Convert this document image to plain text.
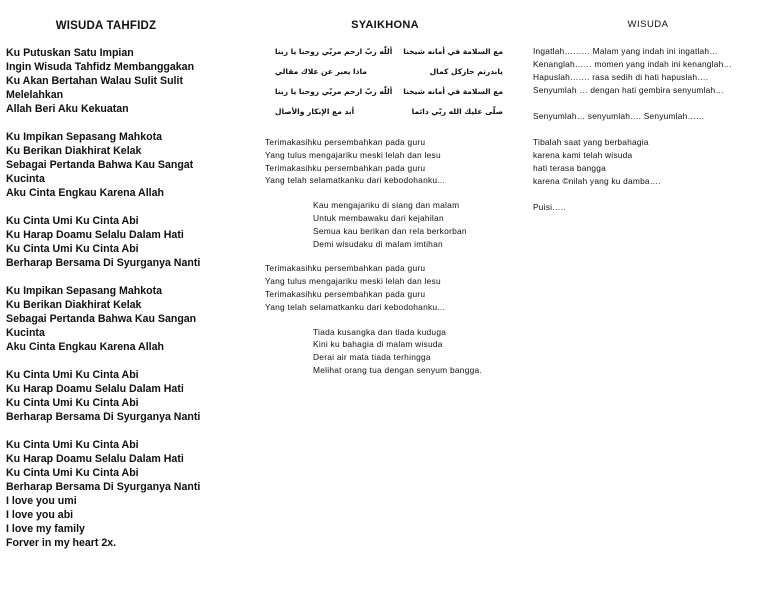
WISUDA TAHFIDZ
Ku Putuskan Satu Impian
Ingin Wisuda Tahfidz Membanggakan
Ku Akan Bertahan Walau Sulit Sulit
Melelahkan
Allah Beri Aku Kekuatan
Ku Impikan Sepasang Mahkota
Ku Berikan Diakhirat Kelak
Sebagai Pertanda Bahwa Kau Sangat
Kucinta
Aku Cinta Engkau Karena Allah
Ku Cinta Umi Ku Cinta Abi
Ku Harap Doamu Selalu Dalam Hati
Ku Cinta Umi Ku Cinta Abi
Berharap Bersama Di Syurganya Nanti
Ku Impikan Sepasang Mahkota
Ku Berikan Diakhirat Kelak
Sebagai Pertanda Bahwa Kau Sangan
Kucinta
Aku Cinta Engkau Karena Allah
Ku Cinta Umi Ku Cinta Abi
Ku Harap Doamu Selalu Dalam Hati
Ku Cinta Umi Ku Cinta Abi
Berharap Bersama Di Syurganya Nanti
Ku Cinta Umi Ku Cinta Abi
Ku Harap Doamu Selalu Dalam Hati
Ku Cinta Umi Ku Cinta Abi
Berharap Bersama Di Syurganya Nanti
I love you umi
I love you abi
I love my family
Forver in my heart 2x.
SYAIKHONA
مع السلامة في أمانه شيخنا
أللّٰه ربّ ارحم مربّي روحنا يا ربنا
يابدرتم حازكل كمال
ماذا يعبر عن علاك مقالي
مع السلامة في أمانه شيخنا
أللّٰه ربّ ارحم مربّي روحنا يا ربنا
صلّى عليك الله ربّي دائما
أبد مع الإبكار والأصال
Terimakasihku persembahkan pada guru
Yang tulus mengajariku meski lelah dan lesu
Terimakasihku persembahkan pada guru
Yang telah selamatkanku dari kebodohanku...
Kau mengajariku di siang dan malam
Untuk membawaku dari kejahilan
Semua kau berikan dan rela berkorban
Demi wisudaku di malam imtihan
Terimakasihku persembahkan pada guru
Yang tulus mengajariku meski lelah dan lesu
Terimakasihku persembahkan pada guru
Yang telah selamatkanku dari kebodohanku...
Tiada kusangka dan tiada kuduga
Kini ku bahagia di malam wisuda
Derai air mata tiada terhingga
Melihat orang tua dengan senyum bangga.
WISUDA
Ingatlah……… Malam yang indah ini ingatlah…
Kenanglah…… momen yang indah ini kenanglah…
Hapuslah……. rasa sedih di hati hapuslah….
Senyumlah … dengan hati gembira senyumlah…
Senyumlah… senyumlah…. Senyumlah……
Tibalah saat yang berbahagia
karena kami telah wisuda
hati terasa bangga
karena ©nilah yang ku damba….
Puisi…..
